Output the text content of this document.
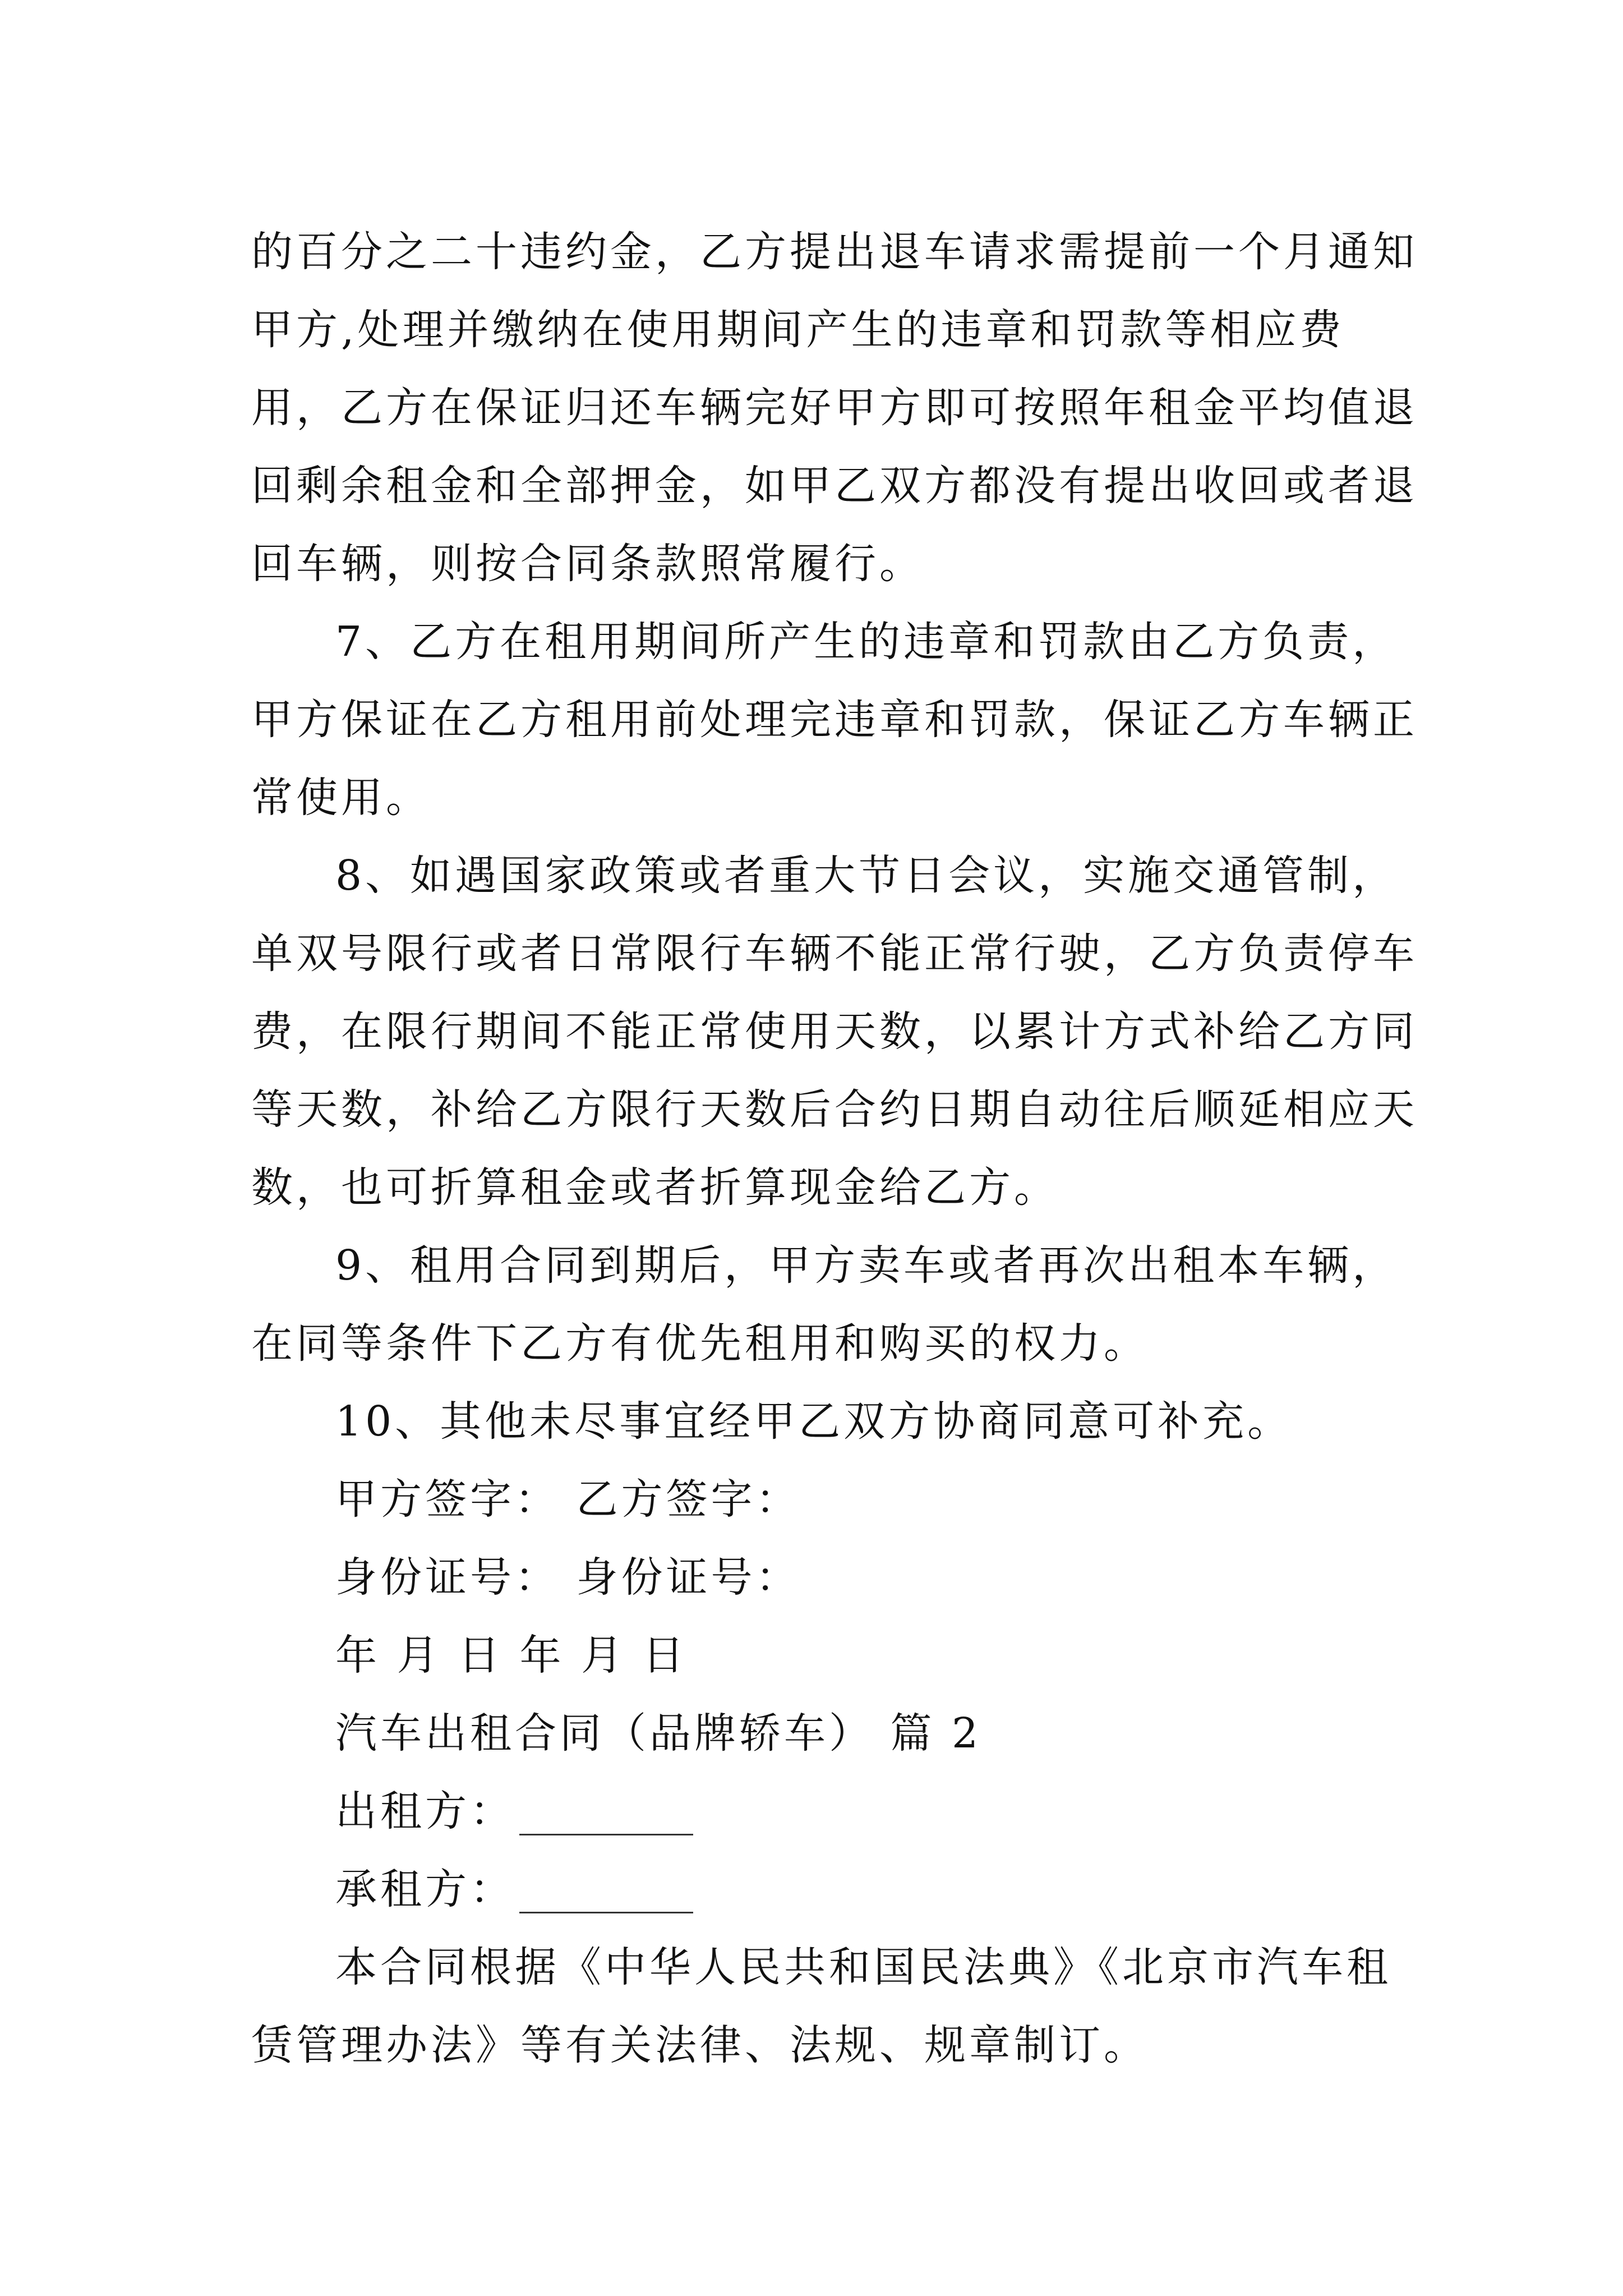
的百分之二十违约金，乙方提出退车请求需提前一个月通知甲方,处理并缴纳在使用期间产生的违章和罚款等相应费用，乙方在保证归还车辆完好甲方即可按照年租金平均值退回剩余租金和全部押金，如甲乙双方都没有提出收回或者退回车辆，则按合同条款照常履行。

7、乙方在租用期间所产生的违章和罚款由乙方负责，甲方保证在乙方租用前处理完违章和罚款，保证乙方车辆正常使用。

8、如遇国家政策或者重大节日会议，实施交通管制，单双号限行或者日常限行车辆不能正常行驶，乙方负责停车费，在限行期间不能正常使用天数，以累计方式补给乙方同等天数，补给乙方限行天数后合约日期自动往后顺延相应天数，也可折算租金或者折算现金给乙方。

9、租用合同到期后，甲方卖车或者再次出租本车辆，在同等条件下乙方有优先租用和购买的权力。

10、其他未尽事宜经甲乙双方协商同意可补充。

甲方签字： 乙方签字：

身份证号： 身份证号：

年 月 日 年 月 日

汽车出租合同（品牌轿车） 篇 2

出租方：

承租方：

本合同根据《中华人民共和国民法典》《北京市汽车租赁管理办法》等有关法律、法规、规章制订。
